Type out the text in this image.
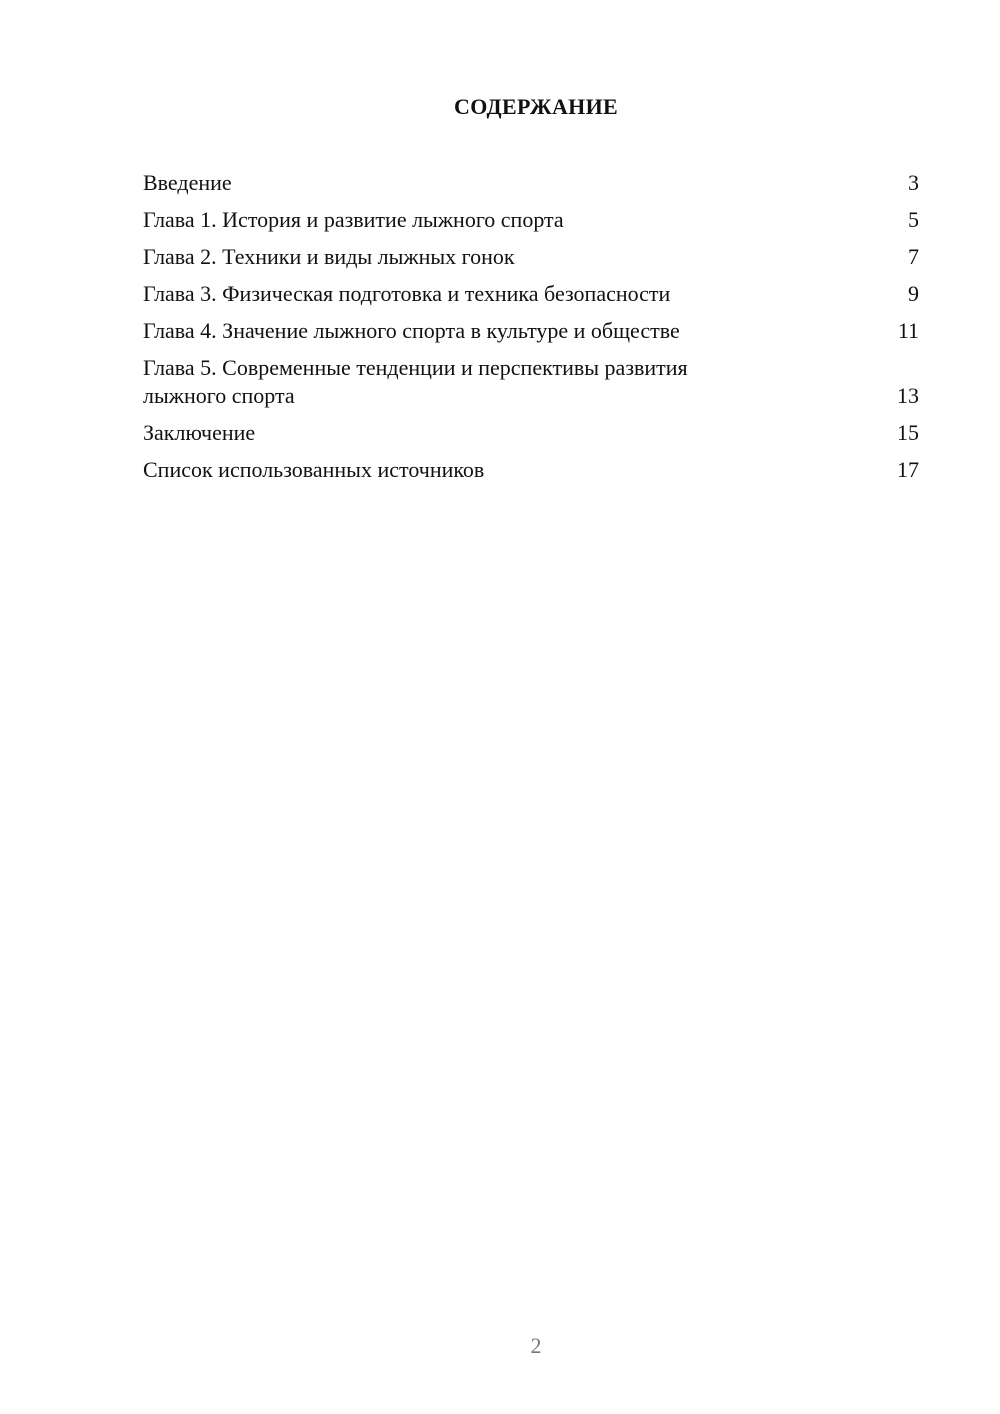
СОДЕРЖАНИЕ
Введение	3
Глава 1. История и развитие лыжного спорта	5
Глава 2. Техники и виды лыжных гонок	7
Глава 3. Физическая подготовка и техника безопасности	9
Глава 4. Значение лыжного спорта в культуре и обществе	11
Глава 5. Современные тенденции и перспективы развития лыжного спорта	13
Заключение	15
Список использованных источников	17
2
